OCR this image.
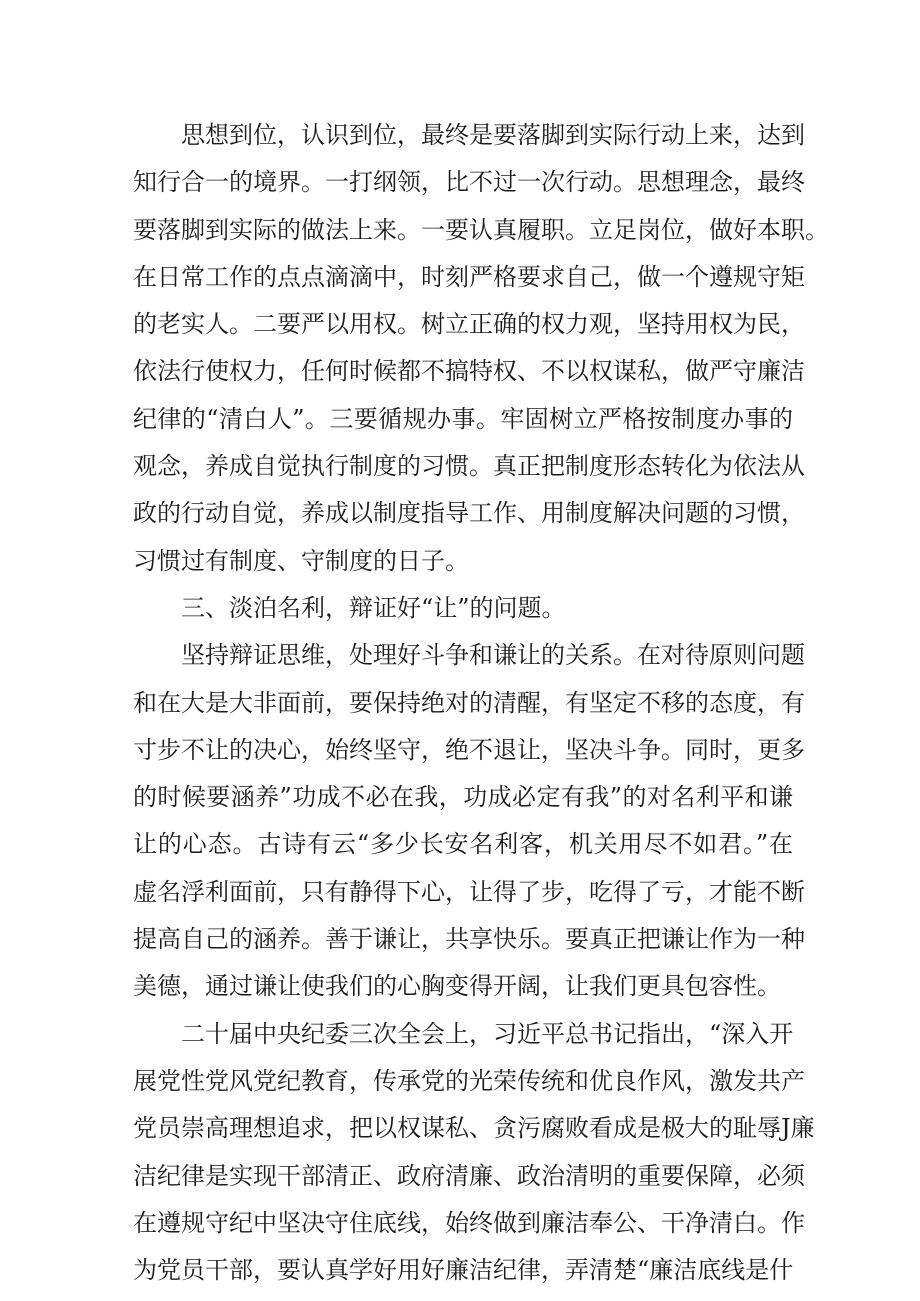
思想到位，认识到位，最终是要落脚到实际行动上来，达到
知行合一的境界。一打纲领，比不过一次行动。思想理念，最终
要落脚到实际的做法上来。一要认真履职。立足岗位，做好本职。
在日常工作的点点滴滴中，时刻严格要求自己，做一个遵规守矩
的老实人。二要严以用权。树立正确的权力观，坚持用权为民，
依法行使权力，任何时候都不搞特权、不以权谋私，做严守廉洁
纪律的“清白人”。三要循规办事。牢固树立严格按制度办事的
观念，养成自觉执行制度的习惯。真正把制度形态转化为依法从
政的行动自觉，养成以制度指导工作、用制度解决问题的习惯，
习惯过有制度、守制度的日子。
三、淡泊名利，辩证好“让”的问题。
坚持辩证思维，处理好斗争和谦让的关系。在对待原则问题
和在大是大非面前，要保持绝对的清醒，有坚定不移的态度，有
寸步不让的决心，始终坚守，绝不退让，坚决斗争。同时，更多
的时候要涵养”功成不必在我，功成必定有我”的对名利平和谦
让的心态。古诗有云“多少长安名利客，机关用尽不如君。”在
虚名浮利面前，只有静得下心，让得了步，吃得了亏，才能不断
提高自己的涵养。善于谦让，共享快乐。要真正把谦让作为一种
美德，通过谦让使我们的心胸变得开阔，让我们更具包容性。
二十届中央纪委三次全会上，习近平总书记指出，“深入开
展党性党风党纪教育，传承党的光荣传统和优良作风，激发共产
党员崇高理想追求，把以权谋私、贪污腐败看成是极大的耻辱J廉
洁纪律是实现干部清正、政府清廉、政治清明的重要保障，必须
在遵规守纪中坚决守住底线，始终做到廉洁奉公、干净清白。作
为党员干部，要认真学好用好廉洁纪律，弄清楚“廉洁底线是什
